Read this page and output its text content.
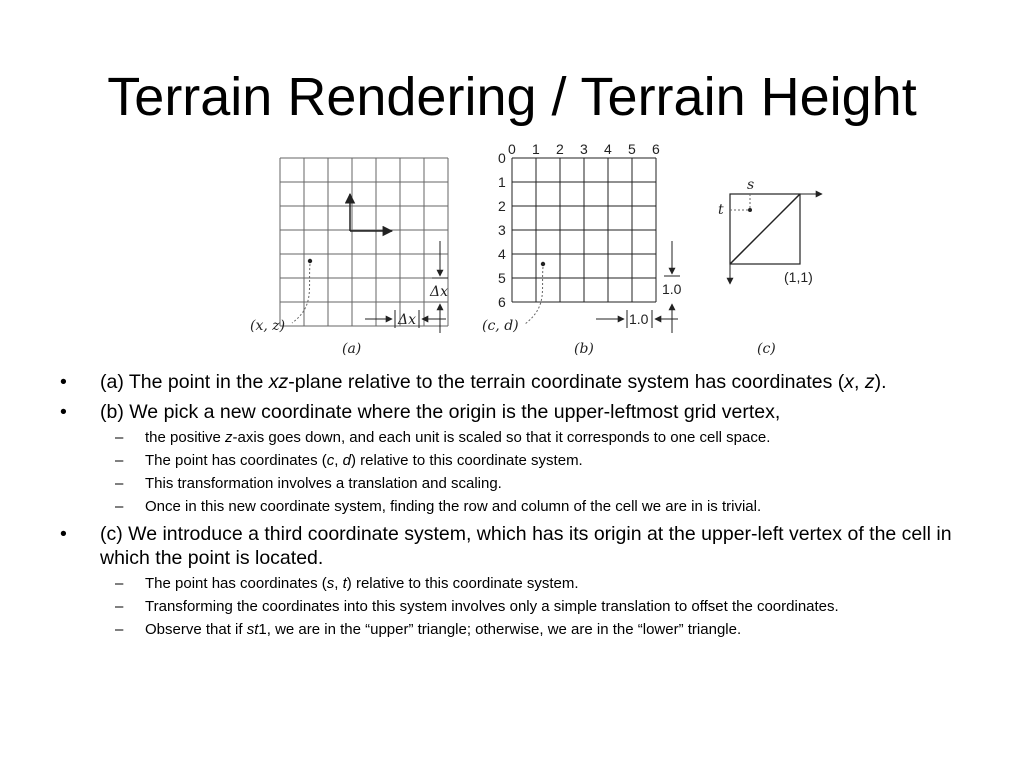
Terrain Rendering / Terrain Height
(x, z)
Δx
Δx
(a)
0 1 2 3 4 5 6
0
1
2
3
4
5
6
(c, d)
1.0
1.0
(b)
s
t
(1,1)
(c)
• (a) The point in the xz-plane relative to the terrain coordinate system has coordinates (x, z).
• (b) We pick a new coordinate where the origin is the upper-leftmost grid vertex,
– the positive z-axis goes down, and each unit is scaled so that it corresponds to one cell space.
– The point has coordinates (c, d) relative to this coordinate system.
– This transformation involves a translation and scaling.
– Once in this new coordinate system, finding the row and column of the cell we are in is trivial.
• (c) We introduce a third coordinate system, which has its origin at the upper-left vertex of the cell in which the point is located.
– The point has coordinates (s, t) relative to this coordinate system.
– Transforming the coordinates into this system involves only a simple translation to offset the coordinates.
– Observe that if st1, we are in the “upper” triangle; otherwise, we are in the “lower” triangle.
